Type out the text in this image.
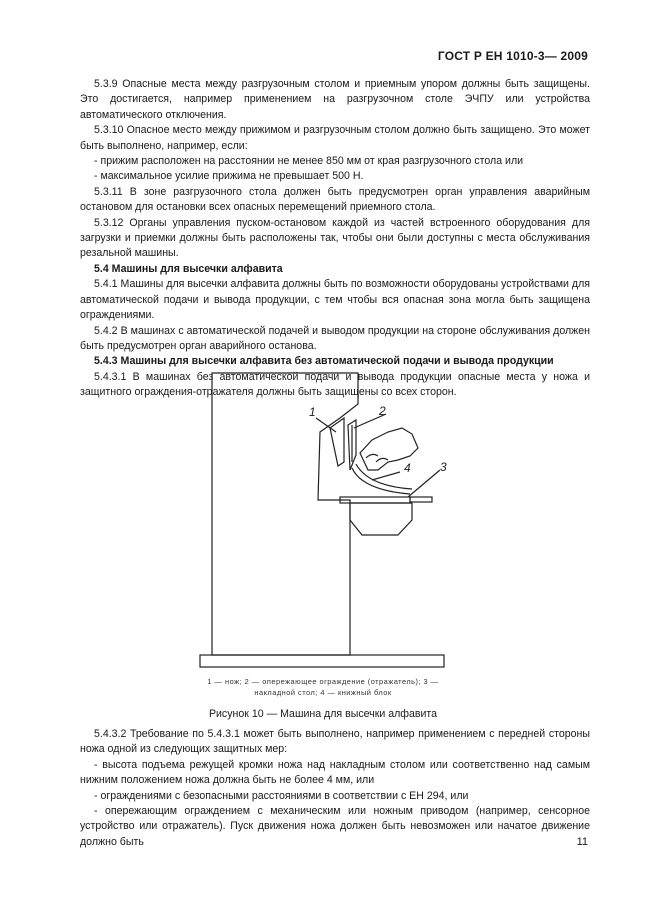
ГОСТ Р ЕН 1010-3— 2009

5.3.9 Опасные места между разгрузочным столом и приемным упором должны быть защищены. Это достигается, например применением на разгрузочном столе ЭЧПУ или устройства автоматического отключения.

5.3.10 Опасное место между прижимом и разгрузочным столом должно быть защищено. Это может быть выполнено, например, если:

- прижим расположен на расстоянии не менее 850 мм от края разгрузочного стола или

- максимальное усилие прижима не превышает 500 Н.

5.3.11 В зоне разгрузочного стола должен быть предусмотрен орган управления аварийным остановом для остановки всех опасных перемещений приемного стола.

5.3.12 Органы управления пуском-остановом каждой из частей встроенного оборудования для загрузки и приемки должны быть расположены так, чтобы они были доступны с места обслуживания резальной машины.

5.4 Машины для высечки алфавита

5.4.1 Машины для высечки алфавита должны быть по возможности оборудованы устройствами для автоматической подачи и вывода продукции, с тем чтобы вся опасная зона могла быть защищена ограждениями.

5.4.2 В машинах с автоматической подачей и выводом продукции на стороне обслуживания должен быть предусмотрен орган аварийного останова.

5.4.3 Машины для высечки алфавита без автоматической подачи и вывода продукции

5.4.3.1 В машинах без автоматической подачи и вывода продукции опасные места у ножа и защитного ограждения-отражателя должны быть защищены со всех сторон.

1	2
3
4
1 — нож; 2 — опережающее ограждение (отражатель); 3 —
накладной стол; 4 — книжный блок
Рисунок 10 — Машина для высечки алфавита

5.4.3.2 Требование по 5.4.3.1 может быть выполнено, например применением с передней стороны ножа одной из следующих защитных мер:

- высота подъема режущей кромки ножа над накладным столом или соответственно над самым нижним положением ножа должна быть не более 4 мм, или

- ограждениями с безопасными расстояниями в соответствии с ЕН 294, или

- опережающим ограждением с механическим или ножным приводом (например, сенсорное устройство или отражатель). Пуск движения ножа должен быть невозможен или начатое движение должно быть	11
